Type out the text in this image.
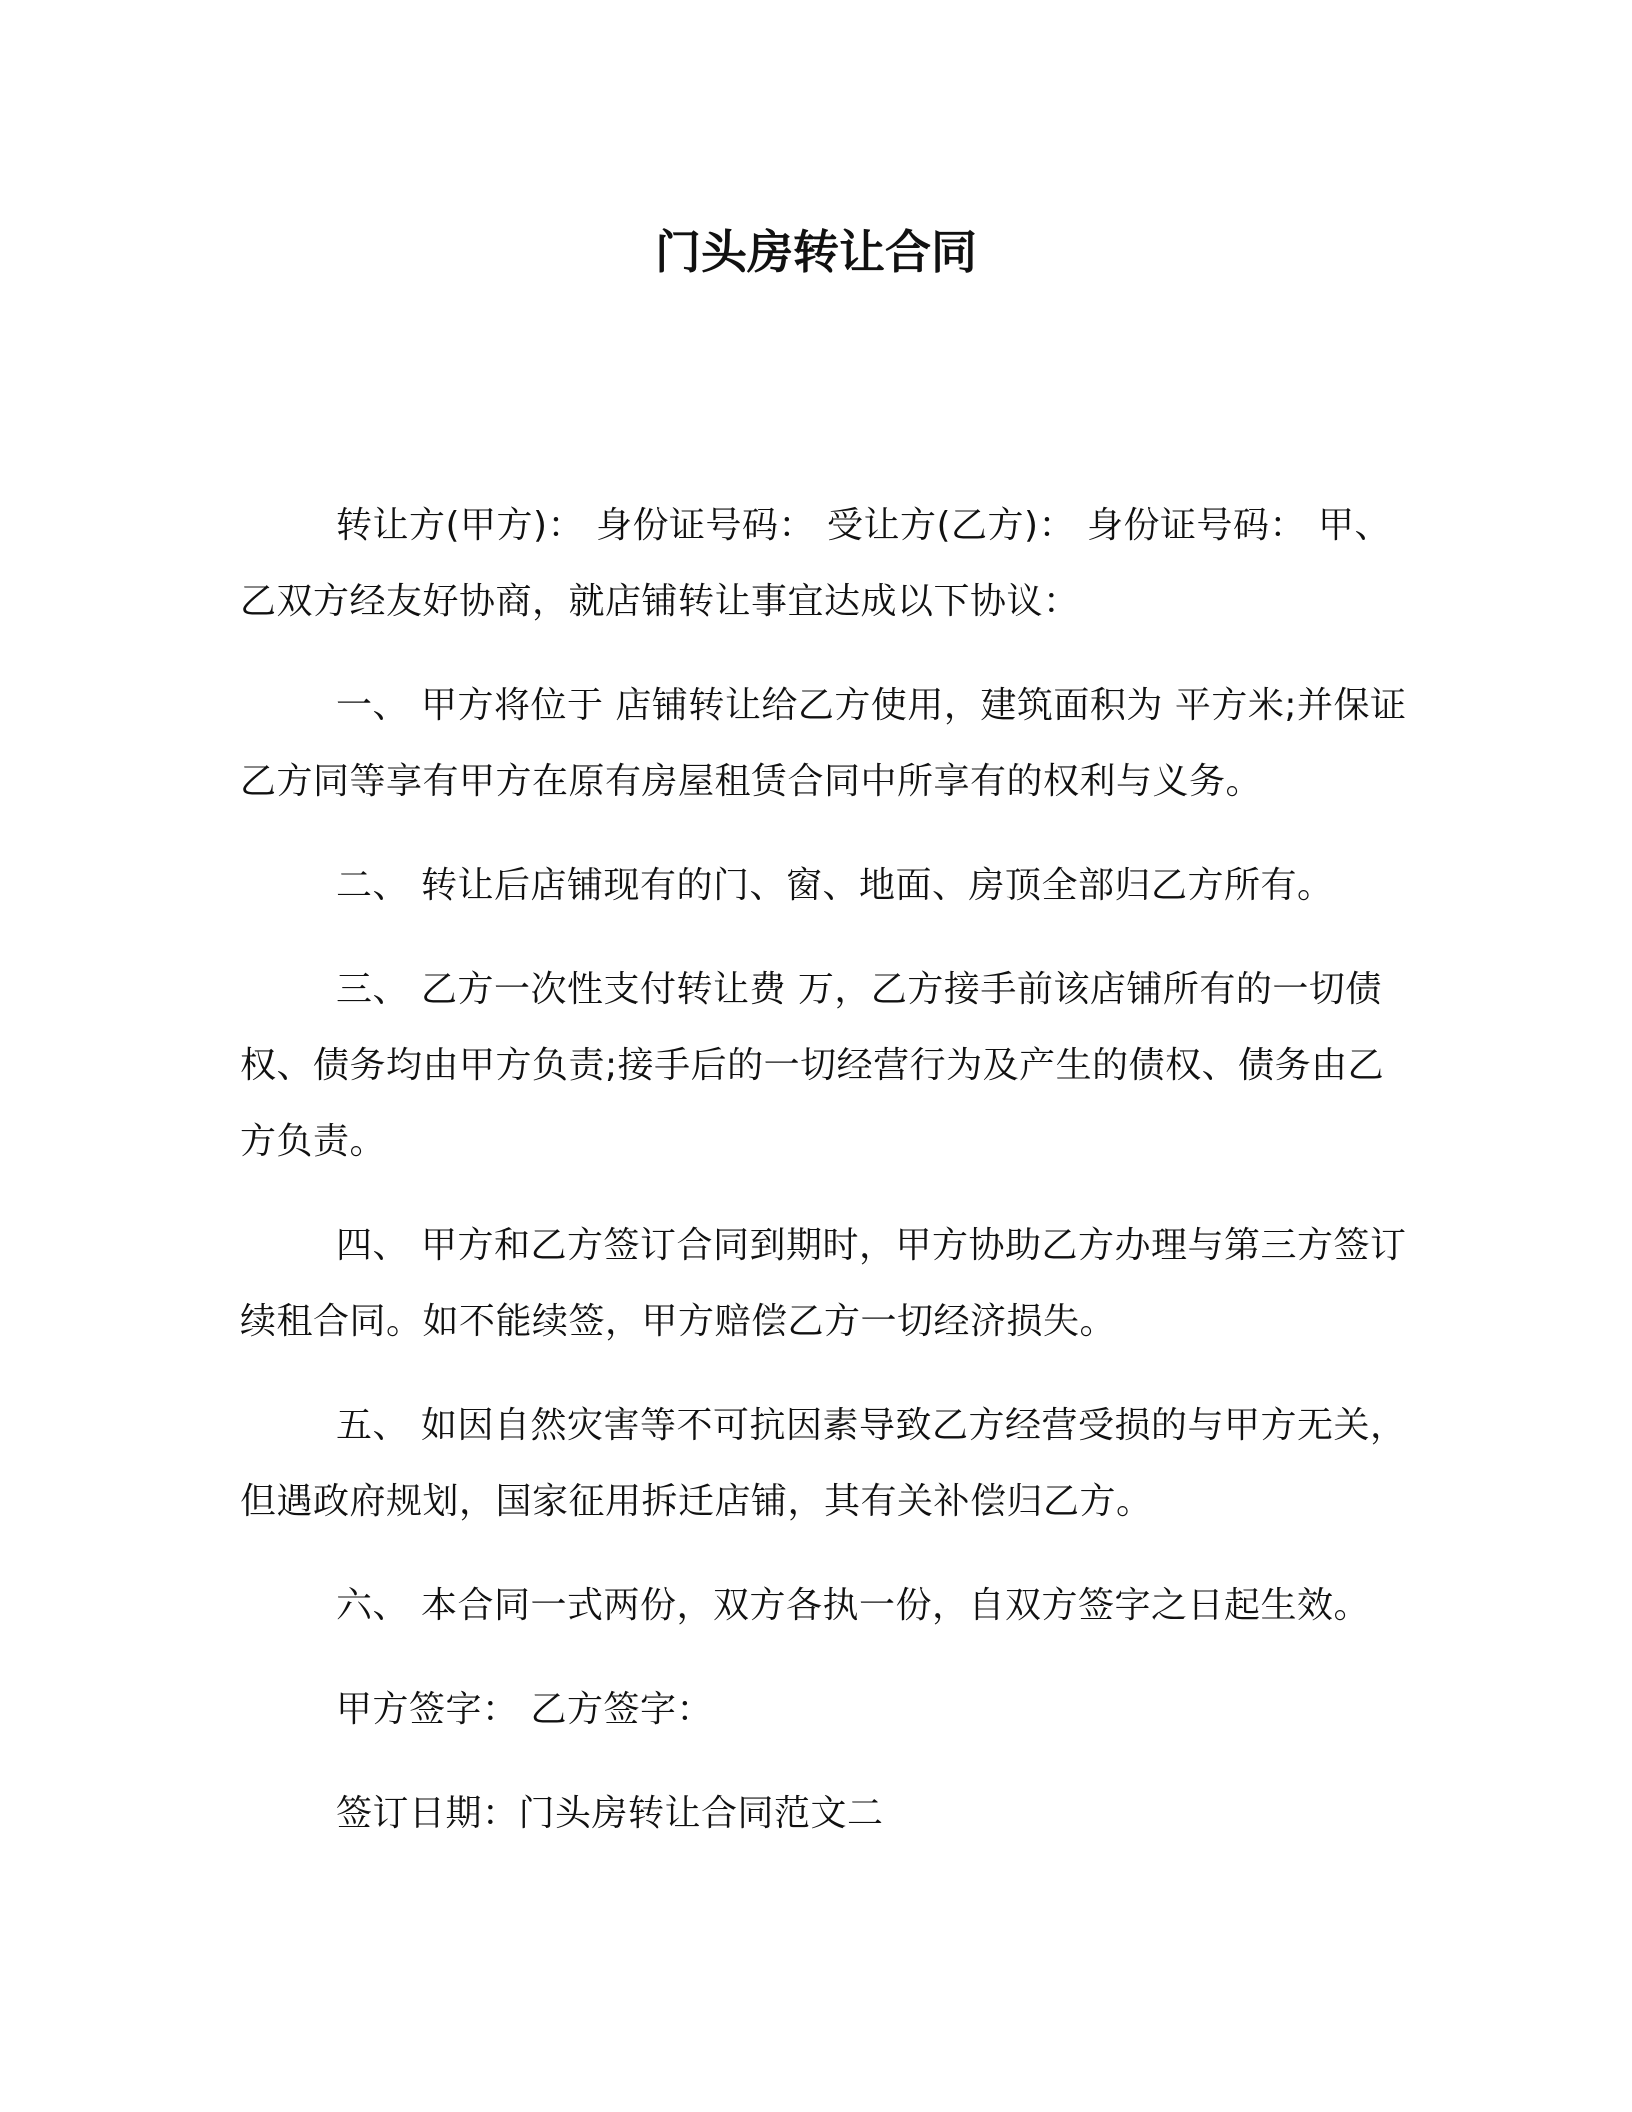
门头房转让合同

转让方(甲方)： 身份证号码： 受让方(乙方)： 身份证号码： 甲、乙双方经友好协商，就店铺转让事宜达成以下协议：

一、 甲方将位于 店铺转让给乙方使用，建筑面积为 平方米;并保证乙方同等享有甲方在原有房屋租赁合同中所享有的权利与义务。

二、 转让后店铺现有的门、窗、地面、房顶全部归乙方所有。

三、 乙方一次性支付转让费 万，乙方接手前该店铺所有的一切债权、债务均由甲方负责;接手后的一切经营行为及产生的债权、债务由乙方负责。

四、 甲方和乙方签订合同到期时，甲方协助乙方办理与第三方签订续租合同。如不能续签，甲方赔偿乙方一切经济损失。

五、 如因自然灾害等不可抗因素导致乙方经营受损的与甲方无关，但遇政府规划，国家征用拆迁店铺，其有关补偿归乙方。

六、 本合同一式两份，双方各执一份，自双方签字之日起生效。

甲方签字： 乙方签字：

签订日期：门头房转让合同范文二
